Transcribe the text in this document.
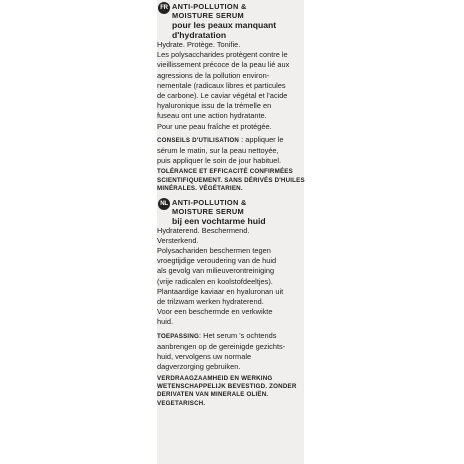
FR ANTI-POLLUTION &
MOISTURE SERUM
pour les peaux manquant
d'hydratation

Hydrate. Protège. Tonifie.

Les polysaccharides protègent contre le

vieillissement précoce de la peau lié aux

agressions de la pollution environ-

nementale (radicaux libres et particules

de carbone). Le caviar végétal et l'acide

hyaluronique issu de la trémelle en

fuseau ont une action hydratante.

Pour une peau fraîche et protégée.

CONSEILS D'UTILISATION : appliquer le
sérum le matin, sur la peau nettoyée,
puis appliquer le soin de jour habituel.
TOLÉRANCE ET EFFICACITÉ CONFIRMÉES
SCIENTIFIQUEMENT. SANS DÉRIVÉS D'HUILES
MINÉRALES. VÉGÉTARIEN.
NL ANTI-POLLUTION &
MOISTURE SERUM
bij een vochtarme huid

Hydraterend. Beschermend.

Versterkend.

Polysachariden beschermen tegen

vroegtijdige veroudering van de huid

als gevolg van milieuverontreiniging

(vrije radicalen en koolstofdeeltjes).

Plantaardige kaviaar en hyaluronan uit

de trilzwam werken hydraterend.

Voor een beschermde en verkwikte

huid.

TOEPASSING: Het serum 's ochtends
aanbrengen op de gereinigde gezichts-
huid, vervolgens uw normale
dagverzorging gebruiken.
VERDRAAGZAAMHEID EN WERKING
WETENSCHAPPELIJK BEVESTIGD. ZONDER
DERIVATEN VAN MINERALE OLIËN.
VEGETARISCH.
